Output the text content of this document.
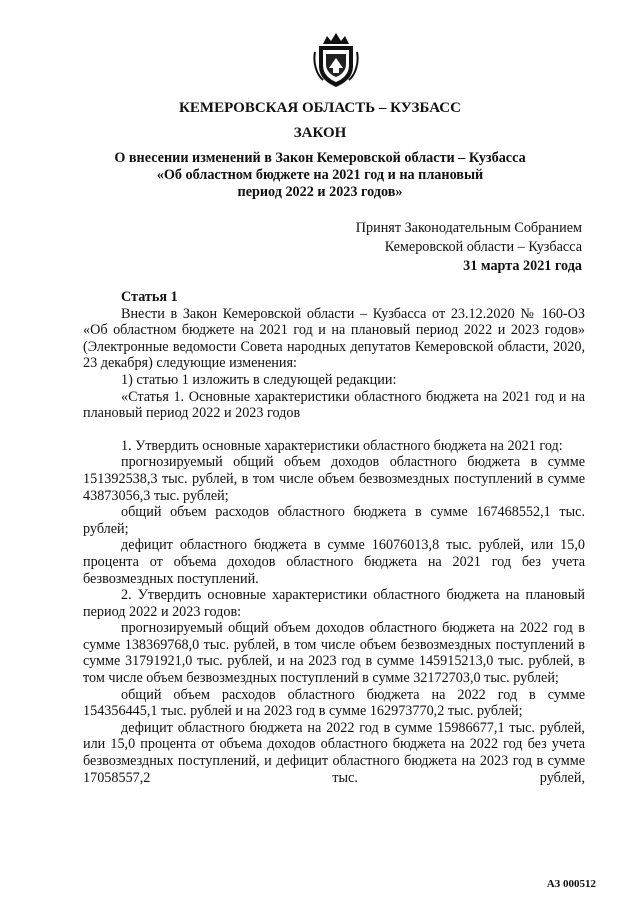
КЕМЕРОВСКАЯ ОБЛАСТЬ – КУЗБАСС
ЗАКОН
О внесении изменений в Закон Кемеровской области – Кузбасса
«Об областном бюджете на 2021 год и на плановый
период 2022 и 2023 годов»
Принят Законодательным Собранием
Кемеровской области – Кузбасса
31 марта 2021 года

Статья 1

Внести в Закон Кемеровской области – Кузбасса от 23.12.2020 № 160-ОЗ «Об областном бюджете на 2021 год и на плановый период 2022 и 2023 годов» (Электронные ведомости Совета народных депутатов Кемеровской области, 2020, 23 декабря) следующие изменения:

1) статью 1 изложить в следующей редакции:

«Статья 1. Основные характеристики областного бюджета на 2021 год и на плановый период 2022 и 2023 годов

1. Утвердить основные характеристики областного бюджета на 2021 год:

прогнозируемый общий объем доходов областного бюджета в сумме 151392538,3 тыс. рублей, в том числе объем безвозмездных поступлений в сумме 43873056,3 тыс. рублей;

общий объем расходов областного бюджета в сумме 167468552,1 тыс. рублей;

дефицит областного бюджета в сумме 16076013,8 тыс. рублей, или 15,0 процента от объема доходов областного бюджета на 2021 год без учета безвозмездных поступлений.

2. Утвердить основные характеристики областного бюджета на плановый период 2022 и 2023 годов:

прогнозируемый общий объем доходов областного бюджета на 2022 год в сумме 138369768,0 тыс. рублей, в том числе объем безвозмездных поступлений в сумме 31791921,0 тыс. рублей, и на 2023 год в сумме 145915213,0 тыс. рублей, в том числе объем безвозмездных поступлений в сумме 32172703,0 тыс. рублей;

общий объем расходов областного бюджета на 2022 год в сумме 154356445,1 тыс. рублей и на 2023 год в сумме 162973770,2 тыс. рублей;

дефицит областного бюджета на 2022 год в сумме 15986677,1 тыс. рублей, или 15,0 процента от объема доходов областного бюджета на 2022 год без учета безвозмездных поступлений, и дефицит областного бюджета на 2023 год в сумме 17058557,2 тыс. рублей,

АЗ 000512
